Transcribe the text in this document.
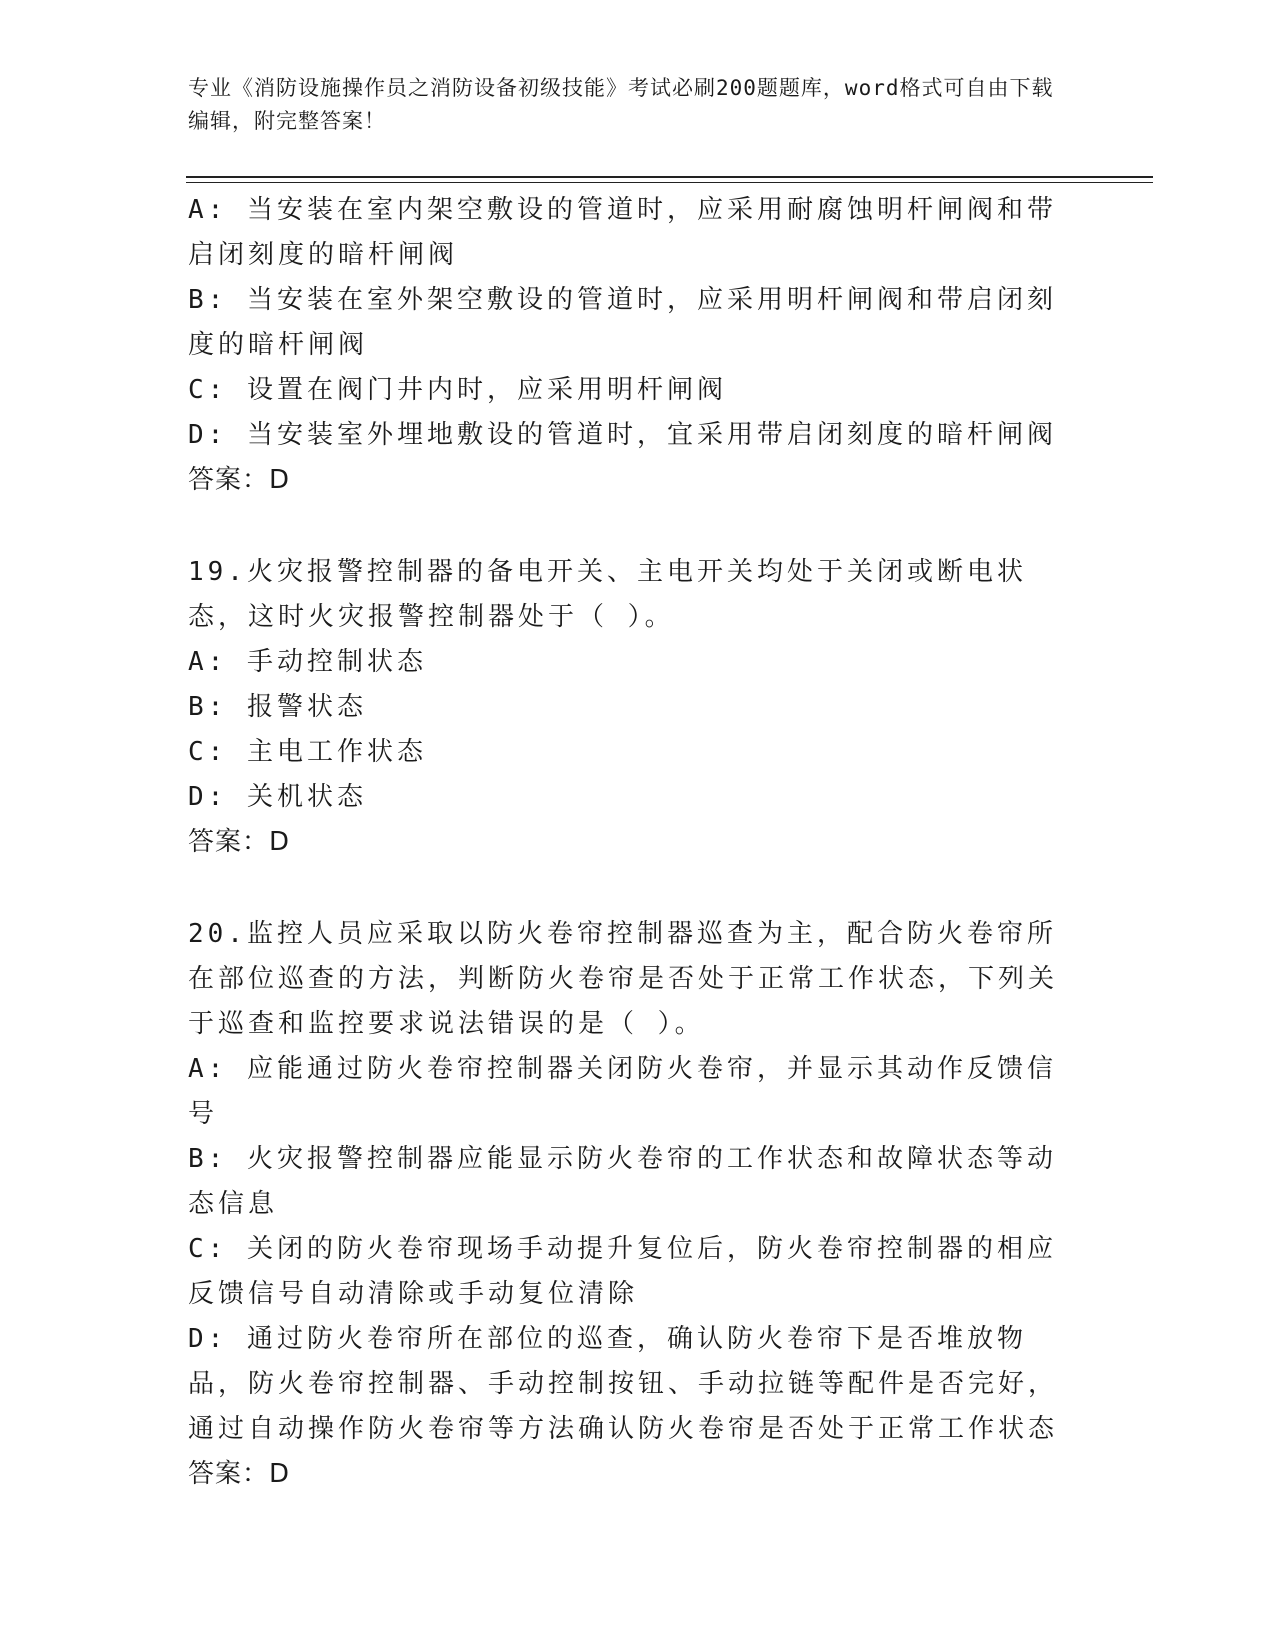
专业《消防设施操作员之消防设备初级技能》考试必刷200题题库，word格式可自由下载编辑，附完整答案！

A: 当安装在室内架空敷设的管道时，应采用耐腐蚀明杆闸阀和带启闭刻度的暗杆闸阀

B: 当安装在室外架空敷设的管道时，应采用明杆闸阀和带启闭刻度的暗杆闸阀

C: 设置在阀门井内时，应采用明杆闸阀

D: 当安装室外埋地敷设的管道时，宜采用带启闭刻度的暗杆闸阀

答案：D

19.火灾报警控制器的备电开关、主电开关均处于关闭或断电状态，这时火灾报警控制器处于（ ）。

A: 手动控制状态

B: 报警状态

C: 主电工作状态

D: 关机状态

答案：D

20.监控人员应采取以防火卷帘控制器巡查为主，配合防火卷帘所在部位巡查的方法，判断防火卷帘是否处于正常工作状态，下列关于巡查和监控要求说法错误的是（ ）。

A: 应能通过防火卷帘控制器关闭防火卷帘，并显示其动作反馈信号

B: 火灾报警控制器应能显示防火卷帘的工作状态和故障状态等动态信息

C: 关闭的防火卷帘现场手动提升复位后，防火卷帘控制器的相应反馈信号自动清除或手动复位清除

D: 通过防火卷帘所在部位的巡查，确认防火卷帘下是否堆放物品，防火卷帘控制器、手动控制按钮、手动拉链等配件是否完好，通过自动操作防火卷帘等方法确认防火卷帘是否处于正常工作状态

答案：D
